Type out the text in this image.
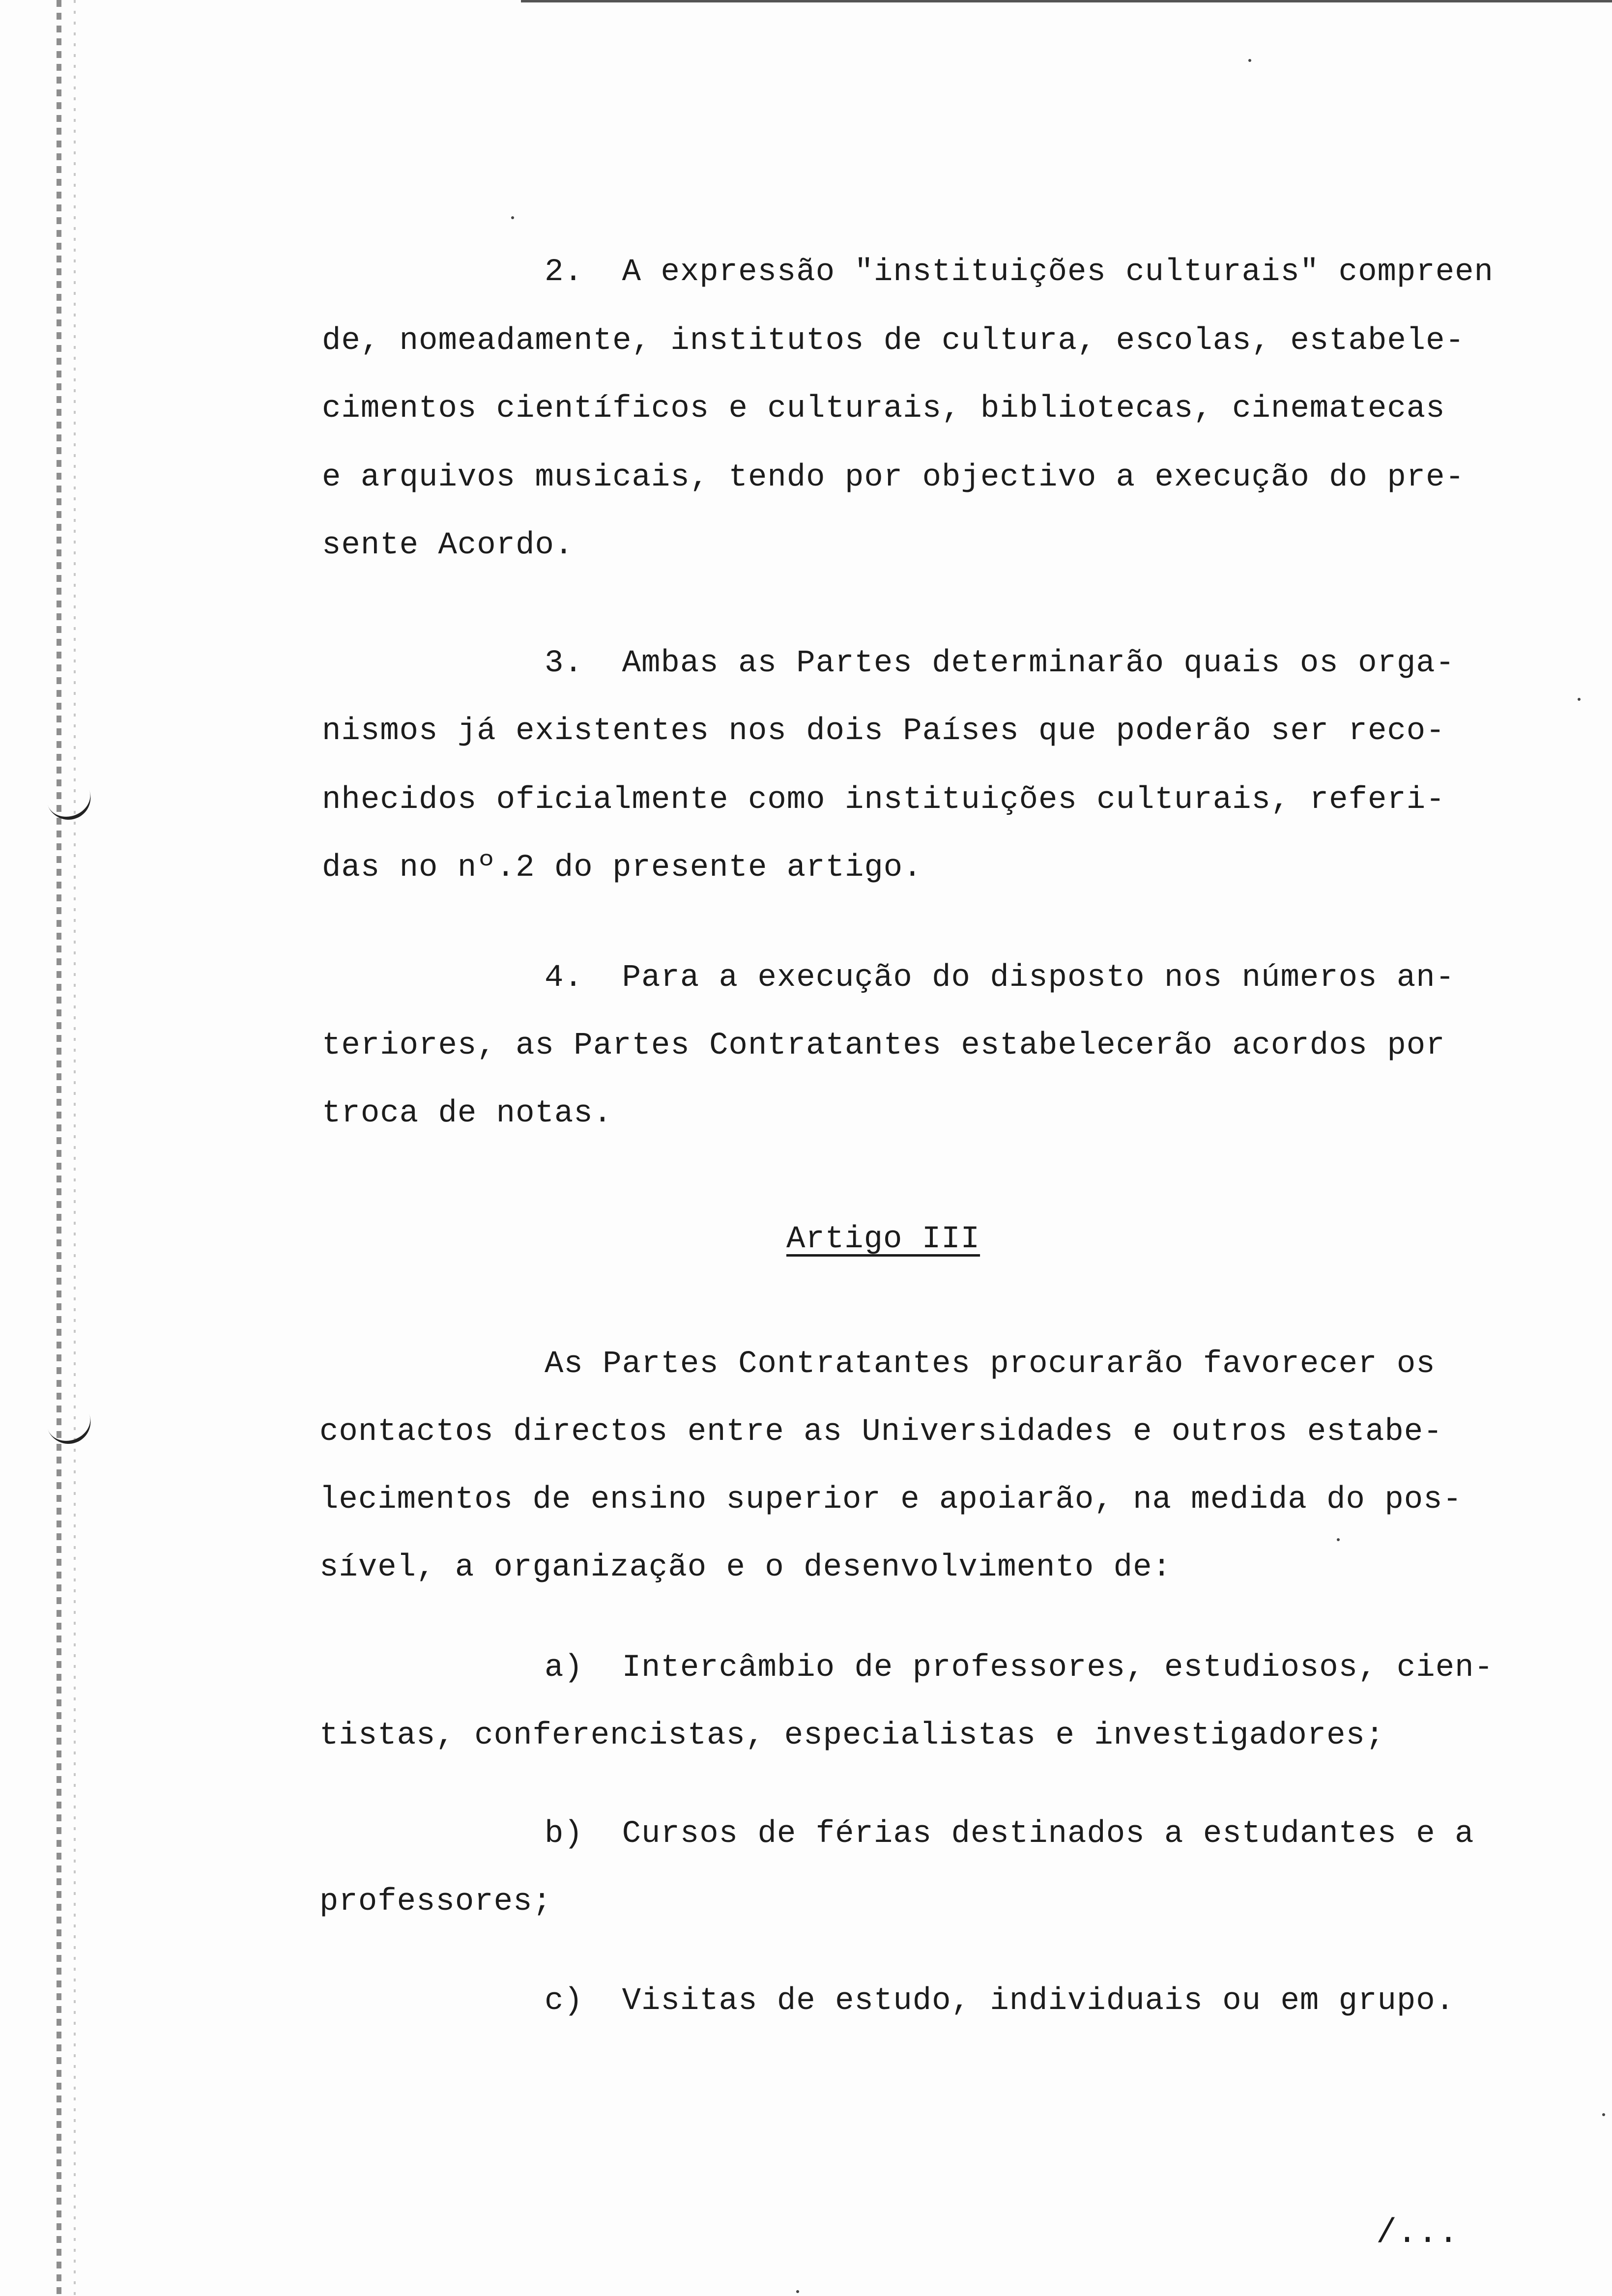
2.  A expressão "instituições culturais" compreen
de, nomeadamente, institutos de cultura, escolas, estabele-
cimentos científicos e culturais, bibliotecas, cinematecas
e arquivos musicais, tendo por objectivo a execução do pre-
sente Acordo.
3.  Ambas as Partes determinarão quais os orga-
nismos já existentes nos dois Países que poderão ser reco-
nhecidos oficialmente como instituições culturais, referi-
das no nº.2 do presente artigo.
4.  Para a execução do disposto nos números an-
teriores, as Partes Contratantes estabelecerão acordos por
troca de notas.
Artigo III
As Partes Contratantes procurarão favorecer os
contactos directos entre as Universidades e outros estabe-
lecimentos de ensino superior e apoiarão, na medida do pos-
sível, a organização e o desenvolvimento de:
a)  Intercâmbio de professores, estudiosos, cien-
tistas, conferencistas, especialistas e investigadores;
b)  Cursos de férias destinados a estudantes e a
professores;
c)  Visitas de estudo, individuais ou em grupo.
/...
